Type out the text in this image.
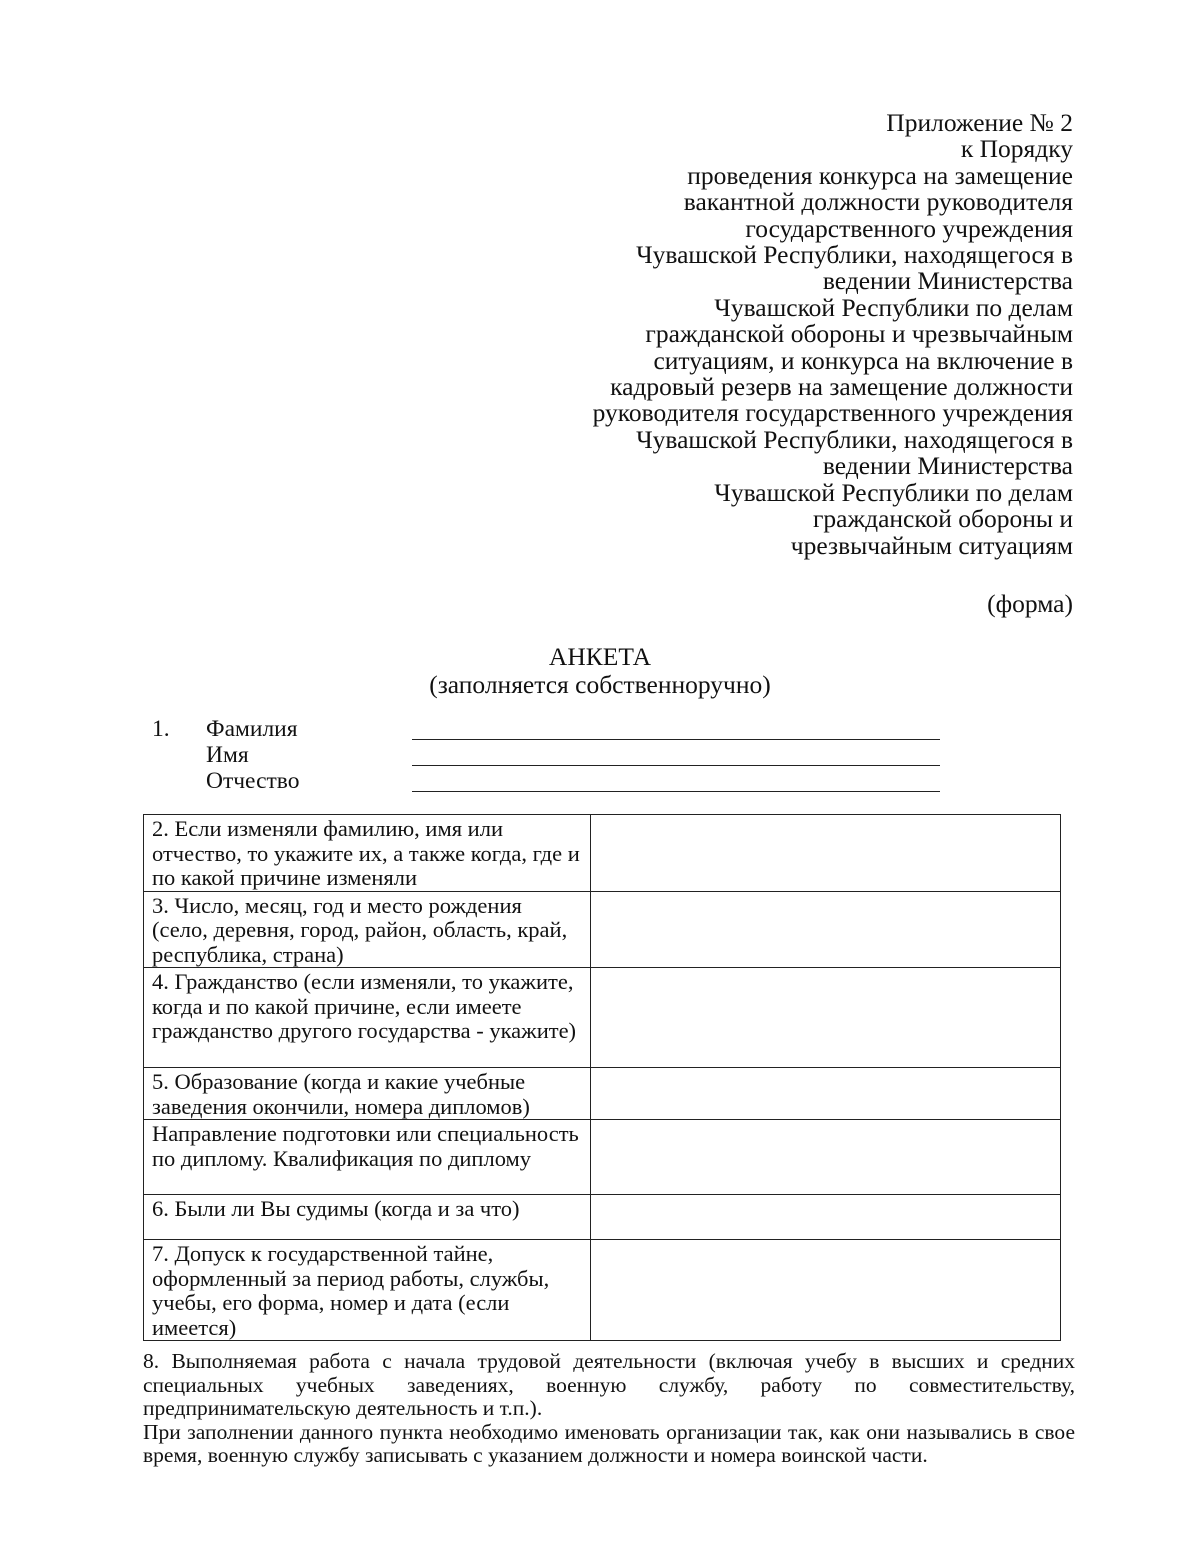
Приложение № 2
к Порядку
проведения конкурса на замещение
вакантной должности руководителя
государственного учреждения
Чувашской Республики, находящегося в
ведении Министерства
Чувашской Республики по делам
гражданской обороны и чрезвычайным
ситуациям, и конкурса на включение в
кадровый резерв на замещение должности
руководителя государственного учреждения
Чувашской Республики, находящегося в
ведении Министерства
Чувашской Республики по делам
гражданской обороны и
чрезвычайным ситуациям
(форма)
АНКЕТА
(заполняется собственноручно)
1. Фамилия
Имя
Отчество
2. Если изменяли фамилию, имя или отчество, то укажите их, а также когда, где и по какой причине изменяли	
3. Число, месяц, год и место рождения (село, деревня, город, район, область, край, республика, страна)	
4. Гражданство (если изменяли, то укажите, когда и по какой причине, если имеете гражданство другого государства - укажите)	
5. Образование (когда и какие учебные заведения окончили, номера дипломов)	
Направление подготовки или специальность по диплому. Квалификация по диплому	
6. Были ли Вы судимы (когда и за что)	
7. Допуск к государственной тайне, оформленный за период работы, службы, учебы, его форма, номер и дата (если имеется)	

8. Выполняемая работа с начала трудовой деятельности (включая учебу в высших и средних специальных учебных заведениях, военную службу, работу по совместительству, предпринимательскую деятельность и т.п.).

При заполнении данного пункта необходимо именовать организации так, как они назывались в свое время, военную службу записывать с указанием должности и номера воинской части.
